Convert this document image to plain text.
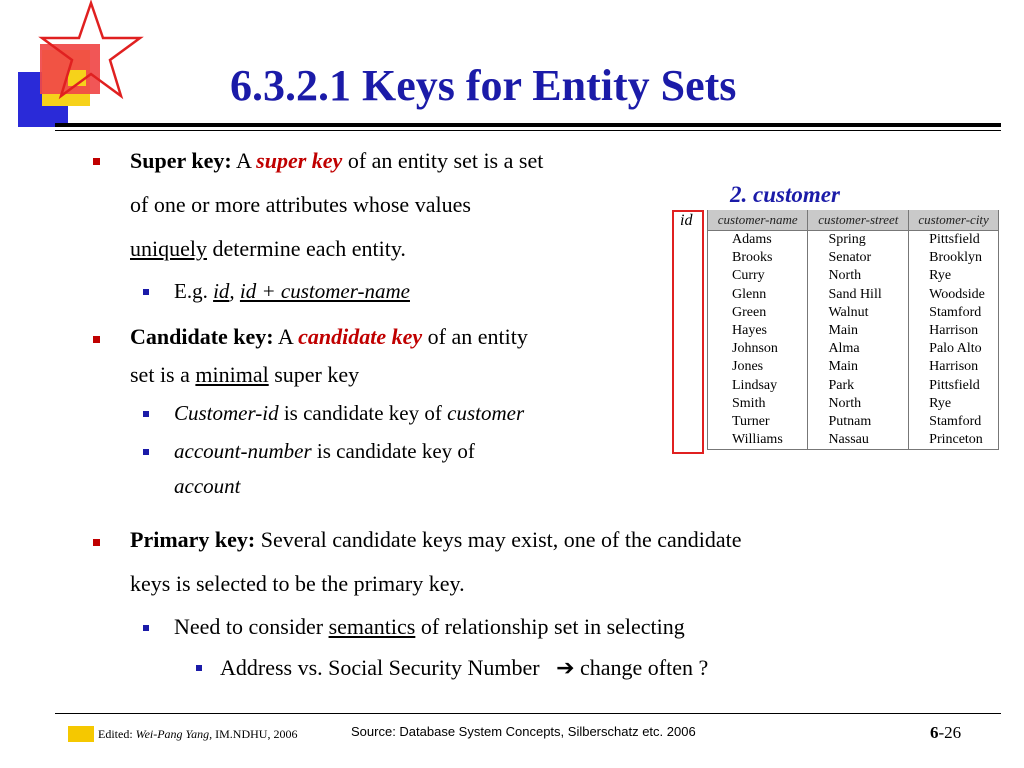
6.3.2.1 Keys for Entity Sets
Super key: A super key of an entity set is a set
of one or more attributes whose values
uniquely determine each entity.
E.g. id, id + customer-name
Candidate key: A candidate key of an entity
set is a minimal super key
Customer-id is candidate key of customer
account-number is candidate key of
account
2. customer
id customer-name	customer-street	customer-city
Adams	Spring	Pittsfield
Brooks	Senator	Brooklyn
Curry	North	Rye
Glenn	Sand Hill	Woodside
Green	Walnut	Stamford
Hayes	Main	Harrison
Johnson	Alma	Palo Alto
Jones	Main	Harrison
Lindsay	Park	Pittsfield
Smith	North	Rye
Turner	Putnam	Stamford
Williams	Nassau	Princeton
Primary key: Several candidate keys may exist, one of the candidate
keys is selected to be the primary key.
Need to consider semantics of relationship set in selecting
Address vs. Social Security Number ➔ change often ?
Edited: Wei-Pang Yang, IM.NDHU, 2006	Source: Database System Concepts, Silberschatz etc. 2006	6-26
